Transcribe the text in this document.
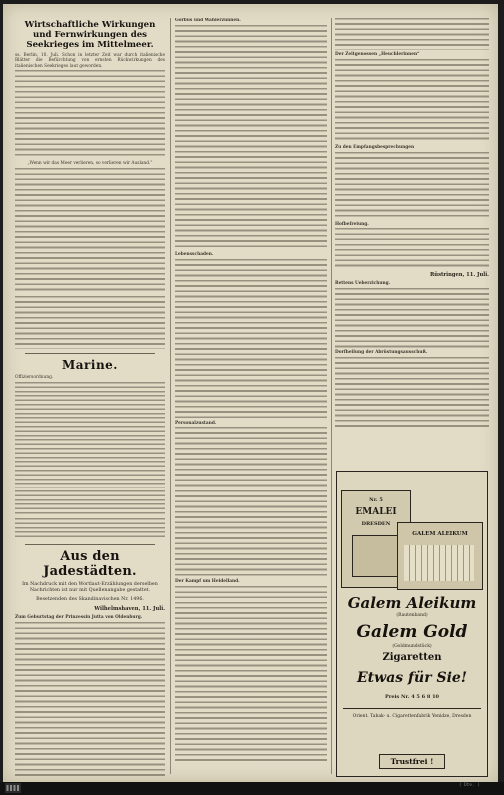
Wirtschaftliche Wirkungen und Fernwirkungen des Seekrieges im Mittelmeer.
ss. Berlin, 10. Juli. Schon in letzter Zeit war durch italienische Blätter die Befürchtung von ernsten Rückwirkungen des italienischen Seekrieges laut geworden.
„Wenn wir das Meer verlieren, so verlieren wir Ausland.“
Marine.
Offiziersordnung.
Aus den Jadestädten.
Im Nachdruck mit den Wortlaut-Erzählungen derselben Nachrichten ist nur mit Quellenangabe gestattet.
Besetzenden des Skandinavischen Nr. 1496.
Wilhelmshaven, 11. Juli.
Zum Geburtstag der Prinzessin Jutta von Oldenburg.
Gorbus und Wahlerzunnen.
Lebensschaden.
Personalzustand.
Der Kampf um Heidelland.
Der Zeitgenossen „Heuchlerinnen“
Zu den Empfangsbesprechungen
Hofbefreiung.
Rüstringen, 11. Juli.
Rettens Ueberzichung.
Dorfheilung der Abrüstungsausschuß.
Nr. 5
EMALEI
DRESDEN
GALEM ALEIKUM
Galem Aleikum
(Rautenband)
Galem Gold
(Goldmundstück)
Zigaretten
Etwas für Sie!
Preis Nr. 4 5 6 8 10
Orient. Tabak- u. Cigarettenfabrik Yenidze, Dresden
Trustfrei !
( Dte. )
